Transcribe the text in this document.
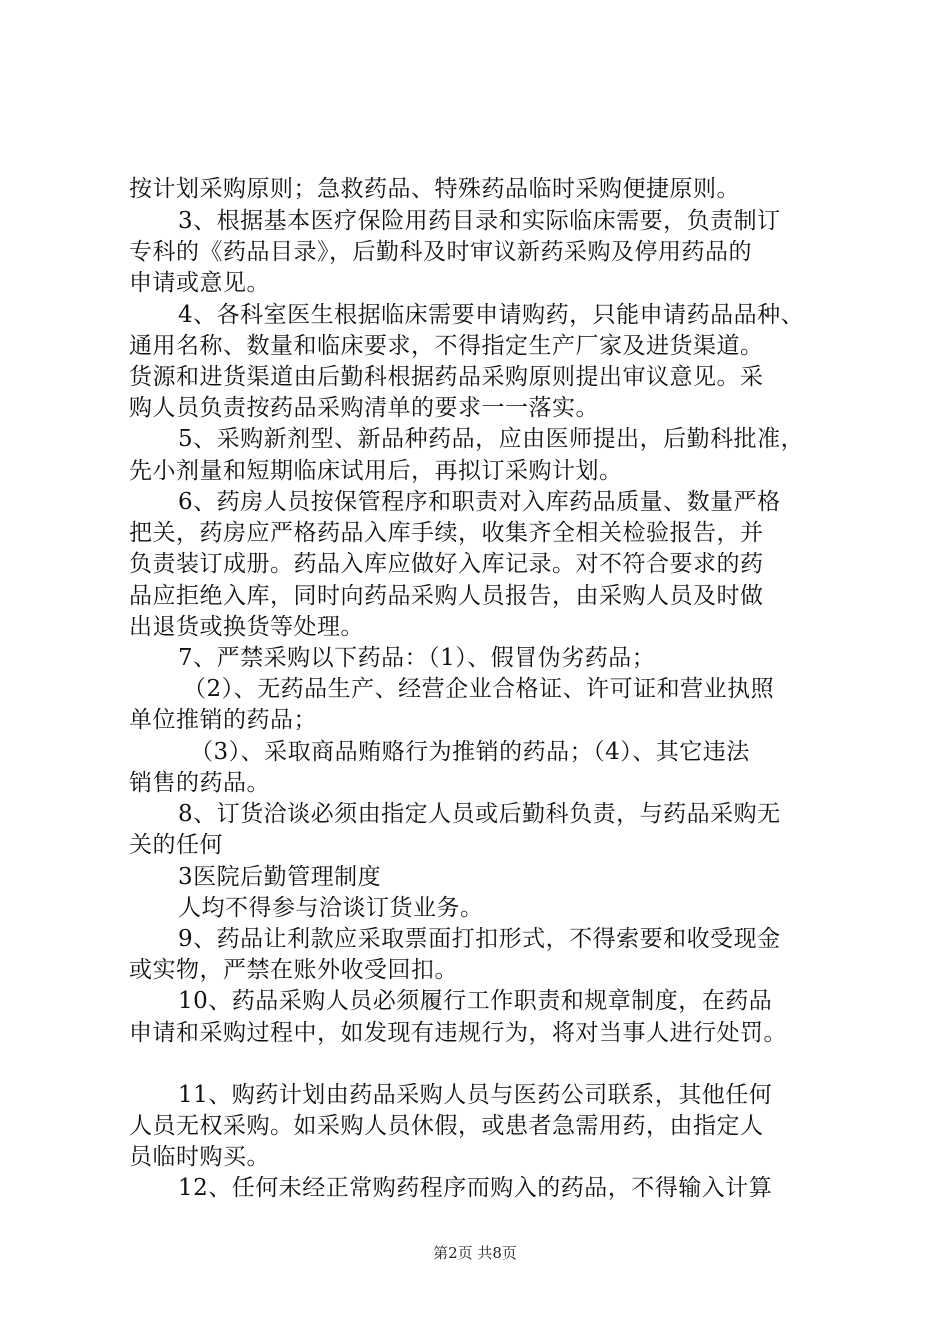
按计划采购原则；急救药品、特殊药品临时采购便捷原则。
3、根据基本医疗保险用药目录和实际临床需要，负责制订
专科的《药品目录》，后勤科及时审议新药采购及停用药品的
申请或意见。
4、各科室医生根据临床需要申请购药，只能申请药品品种、
通用名称、数量和临床要求，不得指定生产厂家及进货渠道。
货源和进货渠道由后勤科根据药品采购原则提出审议意见。采
购人员负责按药品采购清单的要求一一落实。
5、采购新剂型、新品种药品，应由医师提出，后勤科批准，
先小剂量和短期临床试用后，再拟订采购计划。
6、药房人员按保管程序和职责对入库药品质量、数量严格
把关，药房应严格药品入库手续，收集齐全相关检验报告，并
负责装订成册。药品入库应做好入库记录。对不符合要求的药
品应拒绝入库，同时向药品采购人员报告，由采购人员及时做
出退货或换货等处理。
7、严禁采购以下药品：（1）、假冒伪劣药品；
（2）、无药品生产、经营企业合格证、许可证和营业执照
单位推销的药品；
（3）、采取商品贿赂行为推销的药品；（4）、其它违法
销售的药品。
8、订货洽谈必须由指定人员或后勤科负责，与药品采购无
关的任何
3医院后勤管理制度
人均不得参与洽谈订货业务。
9、药品让利款应采取票面打扣形式，不得索要和收受现金
或实物，严禁在账外收受回扣。
10、药品采购人员必须履行工作职责和规章制度，在药品
申请和采购过程中，如发现有违规行为，将对当事人进行处罚。
11、购药计划由药品采购人员与医药公司联系，其他任何
人员无权采购。如采购人员休假，或患者急需用药，由指定人
员临时购买。
12、任何未经正常购药程序而购入的药品，不得输入计算
第2页 共8页
